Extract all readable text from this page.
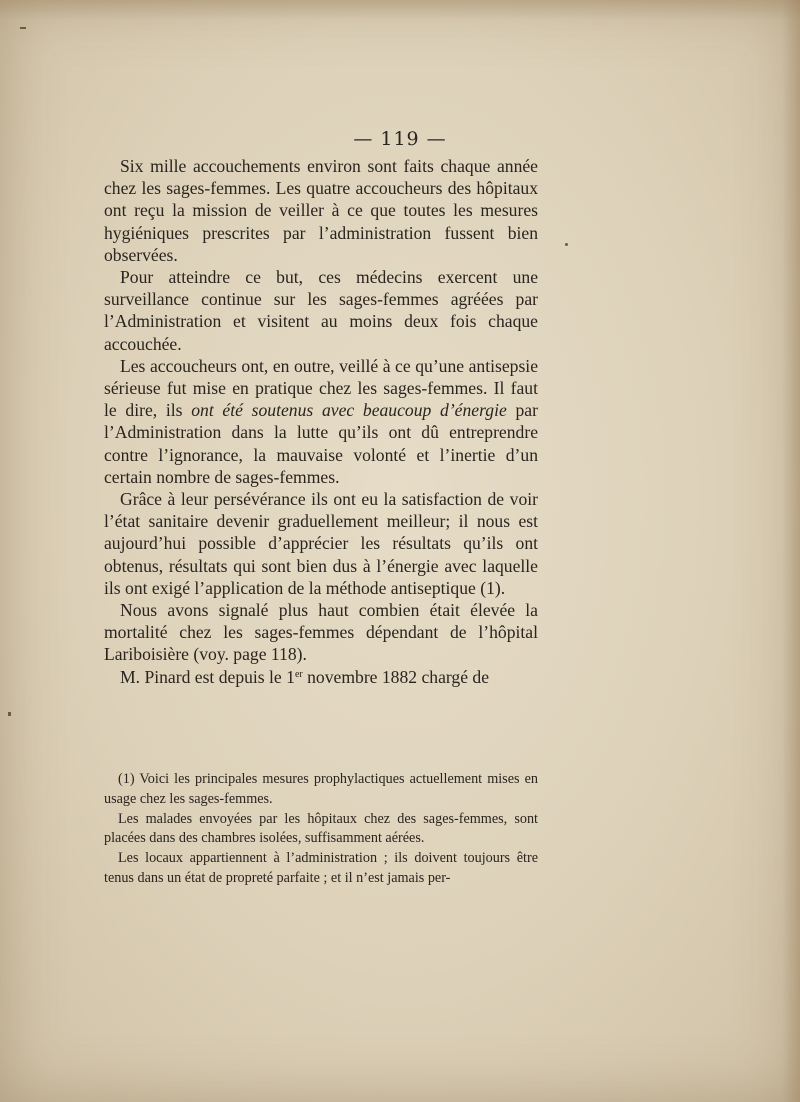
— 119 —

Six mille accouchements environ sont faits chaque année chez les sages-femmes. Les quatre accoucheurs des hôpitaux ont reçu la mission de veiller à ce que toutes les mesures hygiéniques prescrites par l’administration fussent bien observées.

Pour atteindre ce but, ces médecins exercent une surveillance continue sur les sages-femmes agréées par l’Administration et visitent au moins deux fois chaque accouchée.

Les accoucheurs ont, en outre, veillé à ce qu’une antisepsie sérieuse fut mise en pratique chez les sages-femmes. Il faut le dire, ils ont été soutenus avec beaucoup d’énergie par l’Administration dans la lutte qu’ils ont dû entreprendre contre l’ignorance, la mauvaise volonté et l’inertie d’un certain nombre de sages-femmes.

Grâce à leur persévérance ils ont eu la satisfaction de voir l’état sanitaire devenir graduellement meilleur; il nous est aujourd’hui possible d’apprécier les résultats qu’ils ont obtenus, résultats qui sont bien dus à l’énergie avec laquelle ils ont exigé l’application de la méthode antiseptique (1).

Nous avons signalé plus haut combien était élevée la mortalité chez les sages-femmes dépendant de l’hôpital Lariboisière (voy. page 118).

M. Pinard est depuis le 1er novembre 1882 chargé de

(1) Voici les principales mesures prophylactiques actuellement mises en usage chez les sages-femmes.

Les malades envoyées par les hôpitaux chez des sages-femmes, sont placées dans des chambres isolées, suffisamment aérées.

Les locaux appartiennent à l’administration ; ils doivent toujours être tenus dans un état de propreté parfaite ; et il n’est jamais per-
